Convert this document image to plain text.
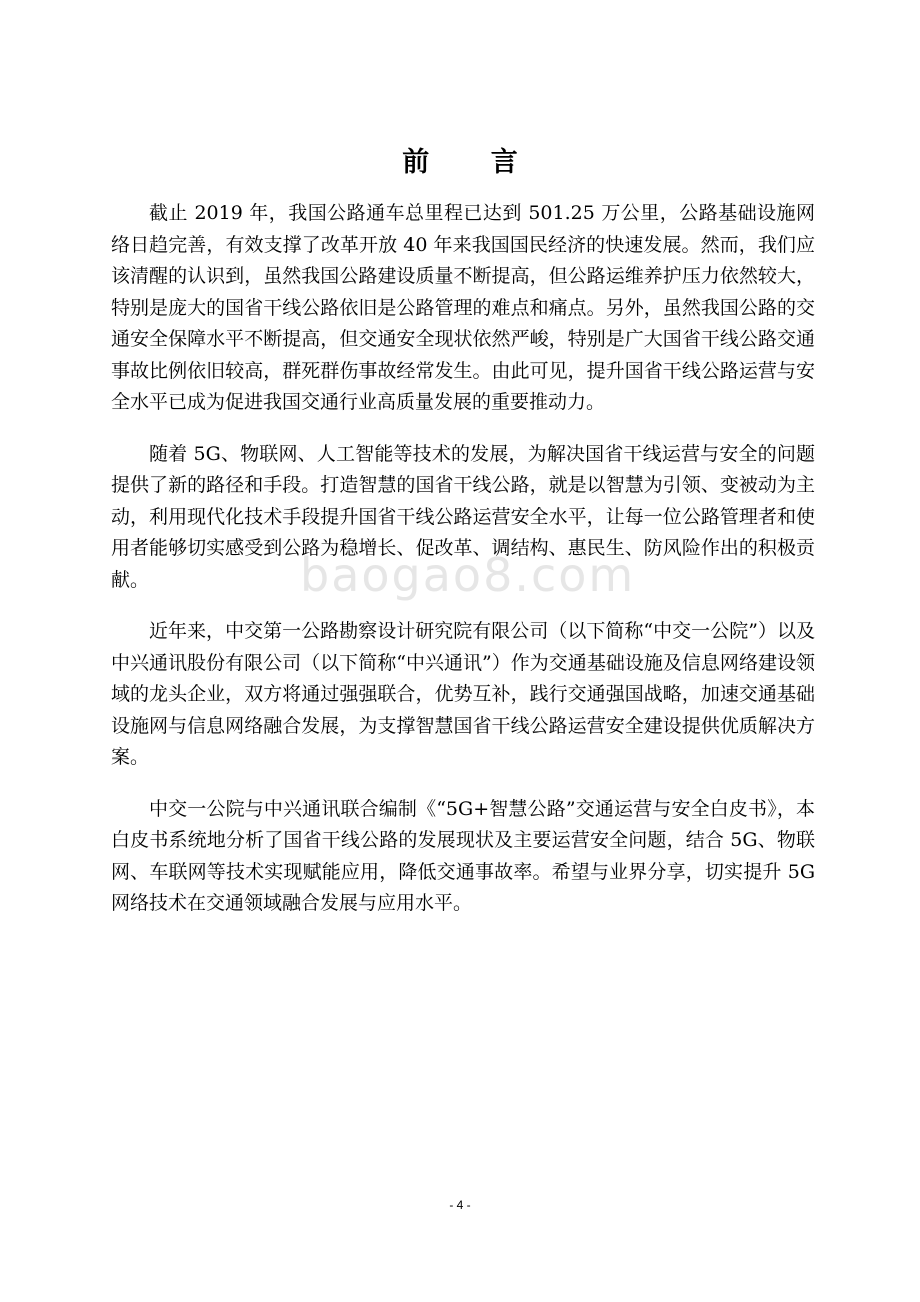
baogao8.com
前 言

截止 2019 年，我国公路通车总里程已达到 501.25 万公里，公路基础设施网络日趋完善，有效支撑了改革开放 40 年来我国国民经济的快速发展。然而，我们应该清醒的认识到，虽然我国公路建设质量不断提高，但公路运维养护压力依然较大，特别是庞大的国省干线公路依旧是公路管理的难点和痛点。另外，虽然我国公路的交通安全保障水平不断提高，但交通安全现状依然严峻，特别是广大国省干线公路交通事故比例依旧较高，群死群伤事故经常发生。由此可见，提升国省干线公路运营与安全水平已成为促进我国交通行业高质量发展的重要推动力。

随着 5G、物联网、人工智能等技术的发展，为解决国省干线运营与安全的问题提供了新的路径和手段。打造智慧的国省干线公路，就是以智慧为引领、变被动为主动，利用现代化技术手段提升国省干线公路运营安全水平，让每一位公路管理者和使用者能够切实感受到公路为稳增长、促改革、调结构、惠民生、防风险作出的积极贡献。

近年来，中交第一公路勘察设计研究院有限公司（以下简称“中交一公院”）以及中兴通讯股份有限公司（以下简称“中兴通讯”）作为交通基础设施及信息网络建设领域的龙头企业，双方将通过强强联合，优势互补，践行交通强国战略，加速交通基础设施网与信息网络融合发展，为支撑智慧国省干线公路运营安全建设提供优质解决方案。

中交一公院与中兴通讯联合编制《“5G+智慧公路”交通运营与安全白皮书》，本白皮书系统地分析了国省干线公路的发展现状及主要运营安全问题，结合 5G、物联网、车联网等技术实现赋能应用，降低交通事故率。希望与业界分享，切实提升 5G 网络技术在交通领域融合发展与应用水平。

- 4 -
